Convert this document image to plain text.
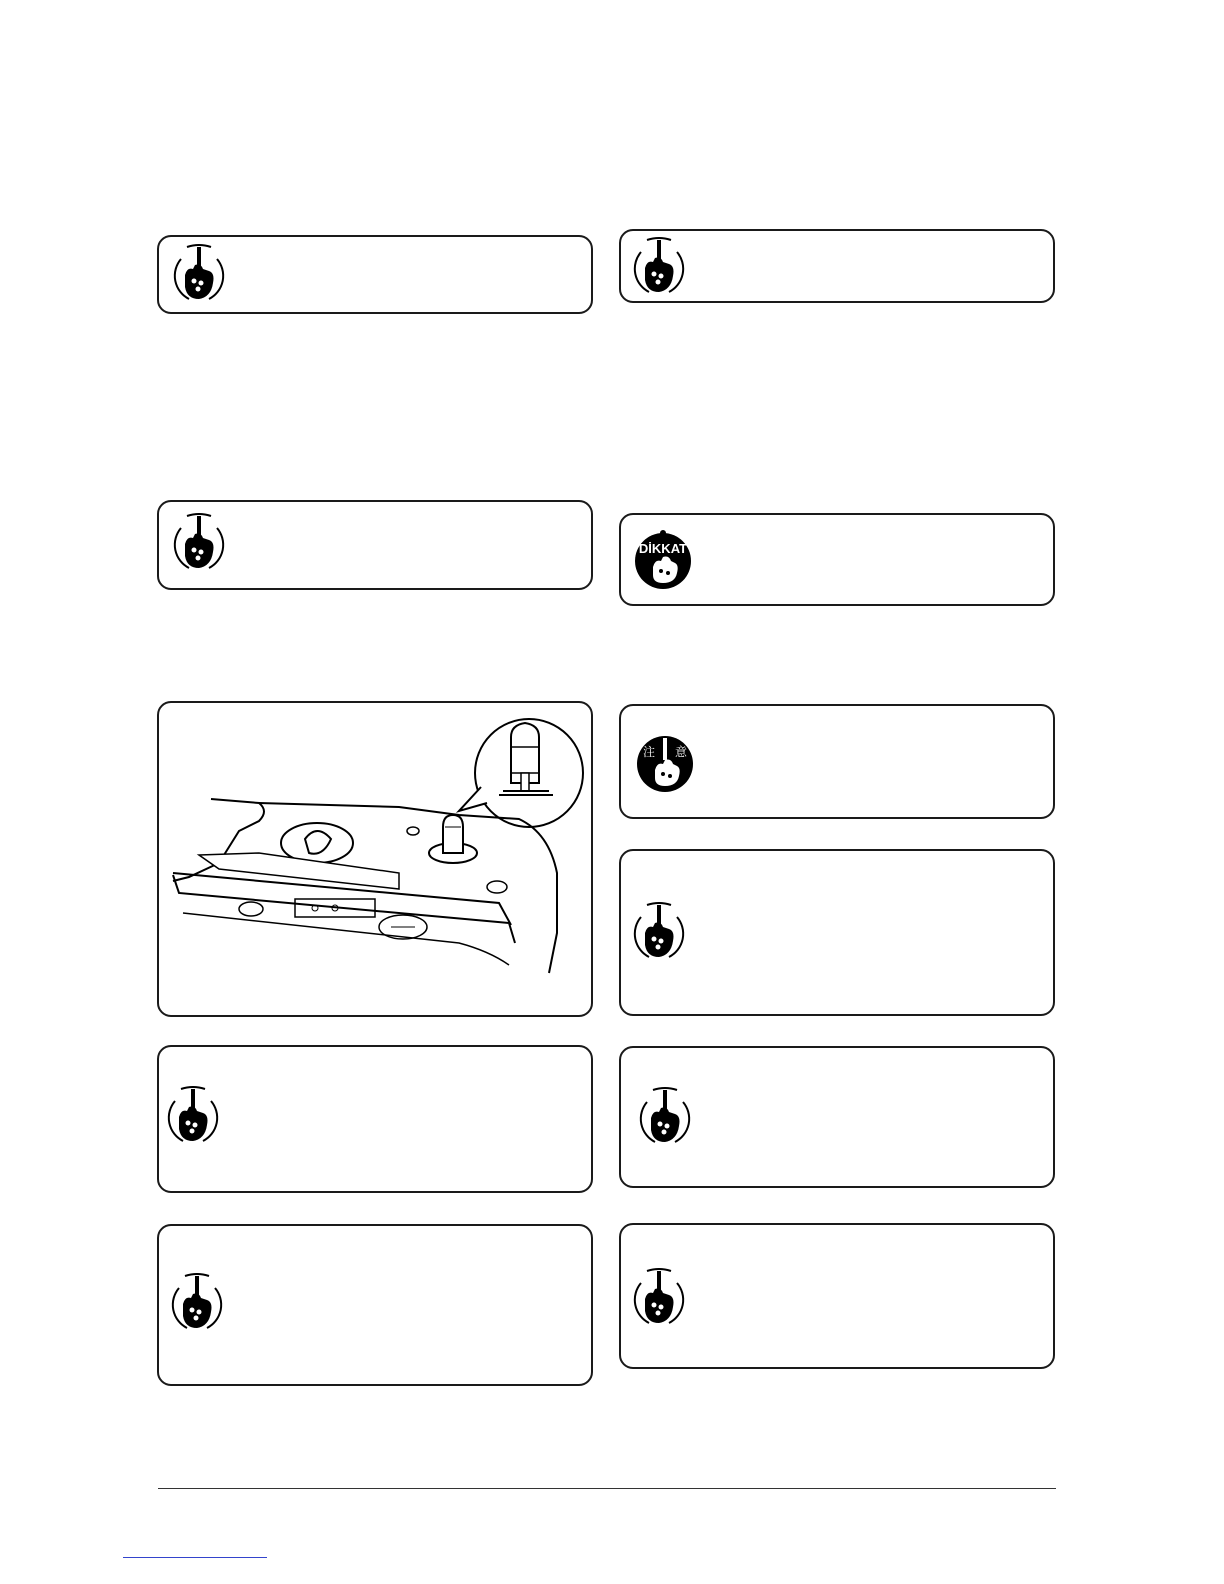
DİKKAT
注 意
